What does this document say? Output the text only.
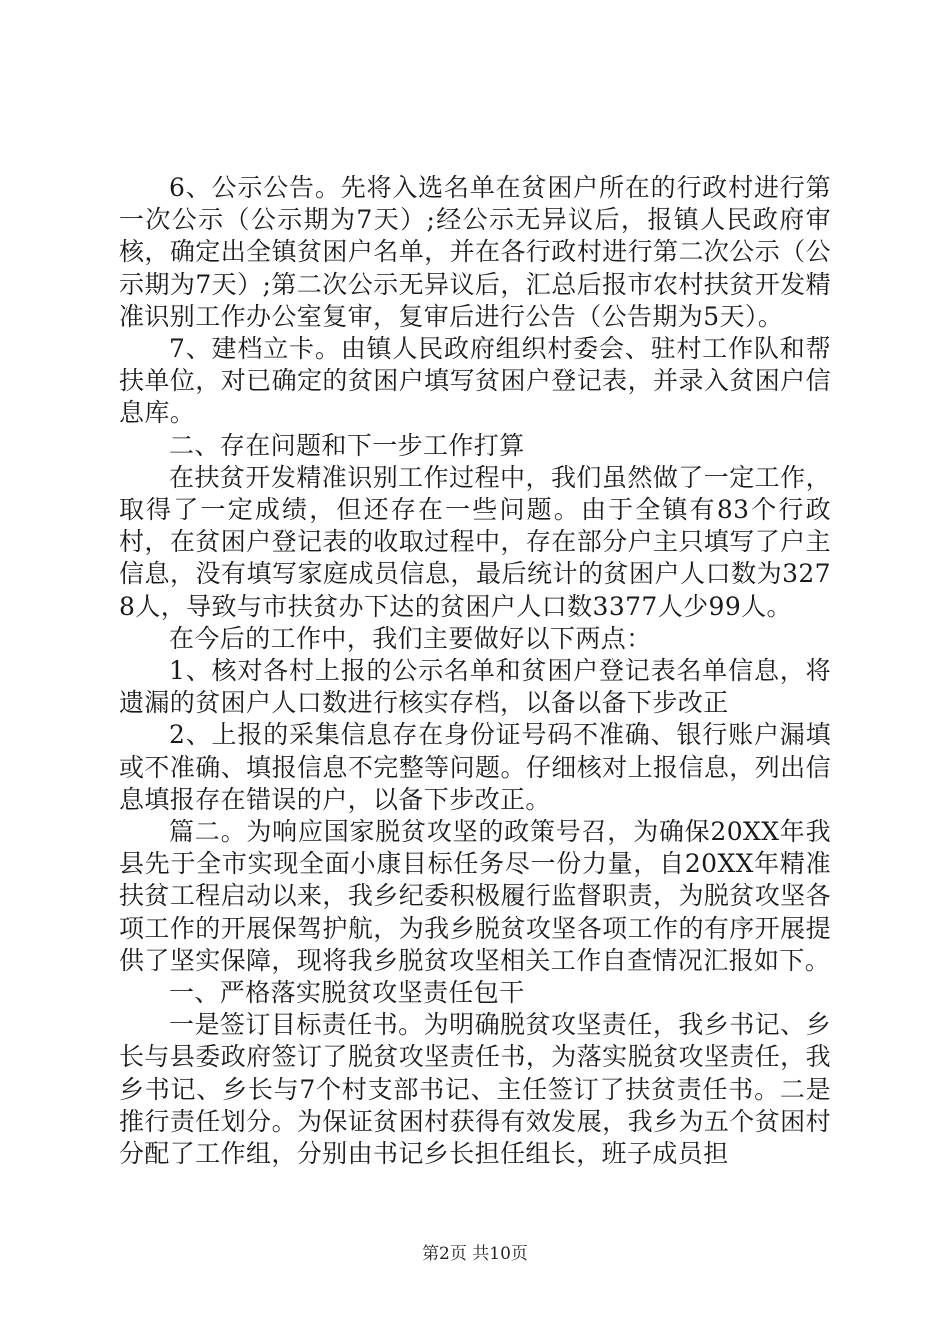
6、公示公告。先将入选名单在贫困户所在的行政村进行第一次公示（公示期为7天）;经公示无异议后，报镇人民政府审核，确定出全镇贫困户名单，并在各行政村进行第二次公示（公示期为7天）;第二次公示无异议后，汇总后报市农村扶贫开发精准识别工作办公室复审，复审后进行公告（公告期为5天）。

7、建档立卡。由镇人民政府组织村委会、驻村工作队和帮扶单位，对已确定的贫困户填写贫困户登记表，并录入贫困户信息库。

二、存在问题和下一步工作打算

在扶贫开发精准识别工作过程中，我们虽然做了一定工作，取得了一定成绩，但还存在一些问题。由于全镇有83个行政村，在贫困户登记表的收取过程中，存在部分户主只填写了户主信息，没有填写家庭成员信息，最后统计的贫困户人口数为3278人，导致与市扶贫办下达的贫困户人口数3377人少99人。

在今后的工作中，我们主要做好以下两点：

1、核对各村上报的公示名单和贫困户登记表名单信息，将遗漏的贫困户人口数进行核实存档，以备以备下步改正

2、上报的采集信息存在身份证号码不准确、银行账户漏填或不准确、填报信息不完整等问题。仔细核对上报信息，列出信息填报存在错误的户，以备下步改正。

篇二。为响应国家脱贫攻坚的政策号召，为确保20XX年我县先于全市实现全面小康目标任务尽一份力量，自20XX年精准扶贫工程启动以来，我乡纪委积极履行监督职责，为脱贫攻坚各项工作的开展保驾护航，为我乡脱贫攻坚各项工作的有序开展提供了坚实保障，现将我乡脱贫攻坚相关工作自查情况汇报如下。

一、严格落实脱贫攻坚责任包干

一是签订目标责任书。为明确脱贫攻坚责任，我乡书记、乡长与县委政府签订了脱贫攻坚责任书，为落实脱贫攻坚责任，我乡书记、乡长与7个村支部书记、主任签订了扶贫责任书。二是推行责任划分。为保证贫困村获得有效发展，我乡为五个贫困村分配了工作组，分别由书记乡长担任组长，班子成员担

第2页 共10页
